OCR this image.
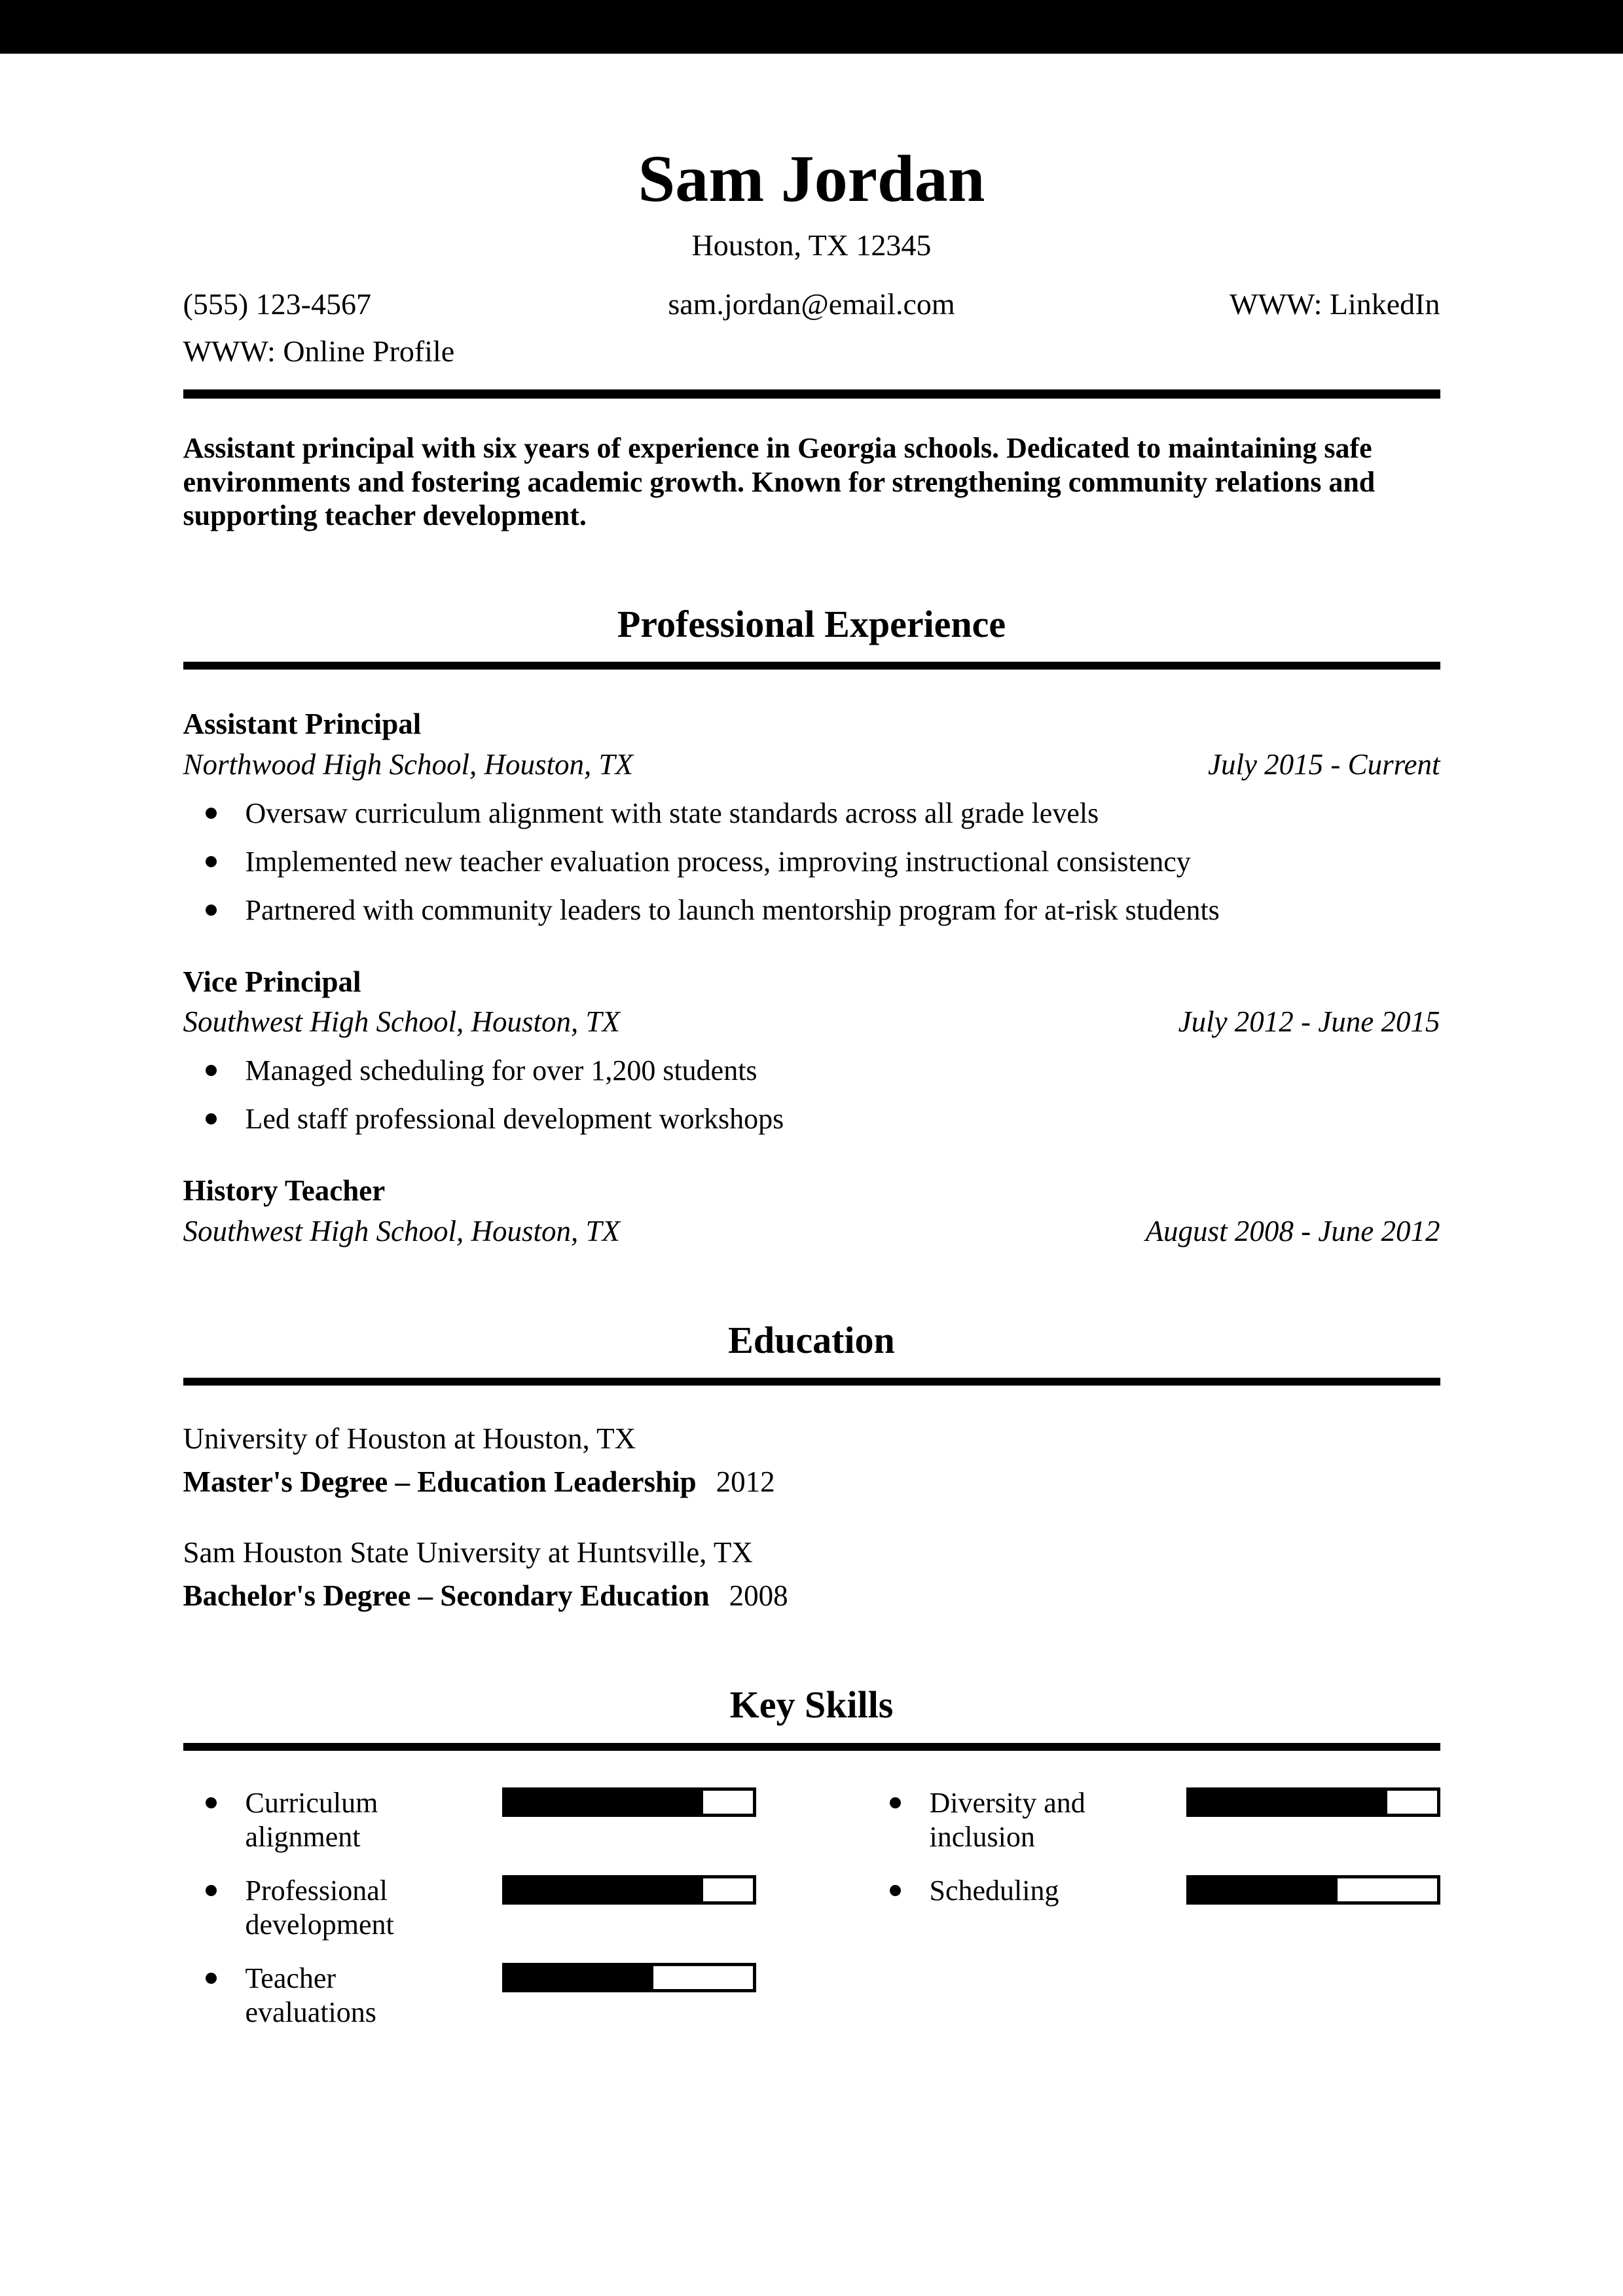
Sam Jordan
Houston, TX 12345
(555) 123-4567	sam.jordan@email.com	WWW: LinkedIn
WWW: Online Profile
Assistant principal with six years of experience in Georgia schools. Dedicated to maintaining safe environments and fostering academic growth. Known for strengthening community relations and supporting teacher development.
Professional Experience
Assistant Principal
Northwood High School, Houston, TX	July 2015 - Current
Oversaw curriculum alignment with state standards across all grade levels
Implemented new teacher evaluation process, improving instructional consistency
Partnered with community leaders to launch mentorship program for at-risk students
Vice Principal
Southwest High School, Houston, TX	July 2012 - June 2015
Managed scheduling for over 1,200 students
Led staff professional development workshops
History Teacher
Southwest High School, Houston, TX	August 2008 - June 2012
Education
University of Houston at Houston, TX
Master's Degree – Education Leadership 2012
Sam Houston State University at Huntsville, TX
Bachelor's Degree – Secondary Education 2008
Key Skills
Curriculum alignment
Professional development
Teacher evaluations
Diversity and inclusion
Scheduling
